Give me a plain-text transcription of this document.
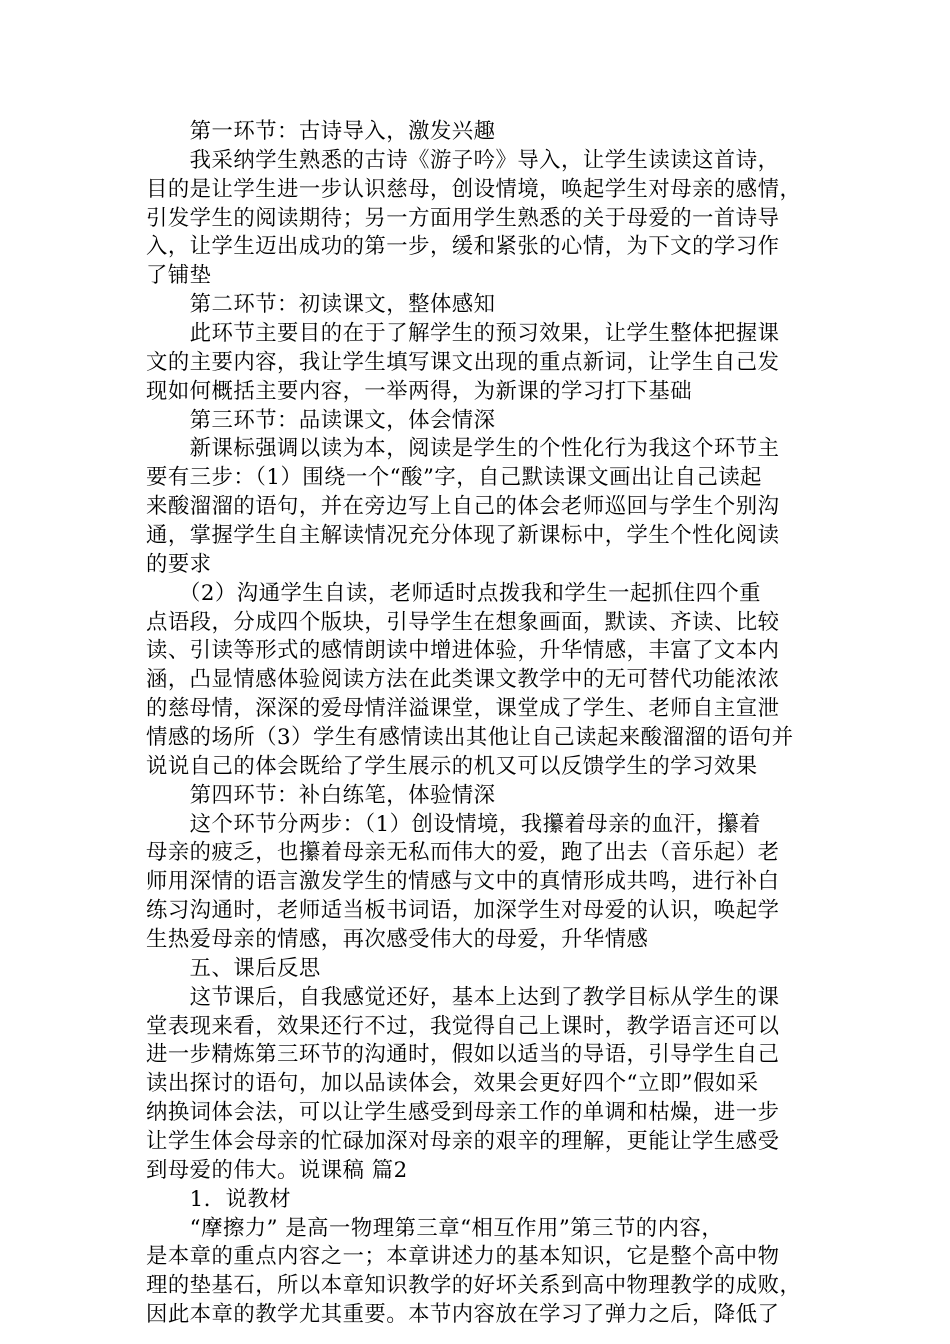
　　第一环节：古诗导入，激发兴趣
　　我采纳学生熟悉的古诗《游子吟》导入，让学生读读这首诗，
目的是让学生进一步认识慈母，创设情境，唤起学生对母亲的感情，
引发学生的阅读期待；另一方面用学生熟悉的关于母爱的一首诗导
入，让学生迈出成功的第一步，缓和紧张的心情，为下文的学习作
了铺垫
　　第二环节：初读课文，整体感知
　　此环节主要目的在于了解学生的预习效果，让学生整体把握课
文的主要内容，我让学生填写课文出现的重点新词，让学生自己发
现如何概括主要内容，一举两得，为新课的学习打下基础
　　第三环节：品读课文，体会情深
　　新课标强调以读为本，阅读是学生的个性化行为我这个环节主
要有三步：（1）围绕一个“酸”字，自己默读课文画出让自己读起
来酸溜溜的语句，并在旁边写上自己的体会老师巡回与学生个别沟
通，掌握学生自主解读情况充分体现了新课标中，学生个性化阅读
的要求
　　（2）沟通学生自读，老师适时点拨我和学生一起抓住四个重
点语段，分成四个版块，引导学生在想象画面，默读、齐读、比较
读、引读等形式的感情朗读中增进体验，升华情感，丰富了文本内
涵，凸显情感体验阅读方法在此类课文教学中的无可替代功能浓浓
的慈母情，深深的爱母情洋溢课堂，课堂成了学生、老师自主宣泄
情感的场所（3）学生有感情读出其他让自己读起来酸溜溜的语句并
说说自己的体会既给了学生展示的机又可以反馈学生的学习效果
　　第四环节：补白练笔，体验情深
　　这个环节分两步：（1）创设情境，我攥着母亲的血汗，攥着
母亲的疲乏，也攥着母亲无私而伟大的爱，跑了出去（音乐起）老
师用深情的语言激发学生的情感与文中的真情形成共鸣，进行补白
练习沟通时，老师适当板书词语，加深学生对母爱的认识，唤起学
生热爱母亲的情感，再次感受伟大的母爱，升华情感
　　五、课后反思
　　这节课后，自我感觉还好，基本上达到了教学目标从学生的课
堂表现来看，效果还行不过，我觉得自己上课时，教学语言还可以
进一步精炼第三环节的沟通时，假如以适当的导语，引导学生自己
读出探讨的语句，加以品读体会，效果会更好四个“立即”假如采
纳换词体会法，可以让学生感受到母亲工作的单调和枯燥，进一步
让学生体会母亲的忙碌加深对母亲的艰辛的理解，更能让学生感受
到母爱的伟大。说课稿 篇2
　　1．说教材
　　“摩擦力” 是高一物理第三章“相互作用”第三节的内容，
是本章的重点内容之一；本章讲述力的基本知识，它是整个高中物
理的垫基石，所以本章知识教学的好坏关系到高中物理教学的成败，
因此本章的教学尤其重要。本节内容放在学习了弹力之后，降低了
